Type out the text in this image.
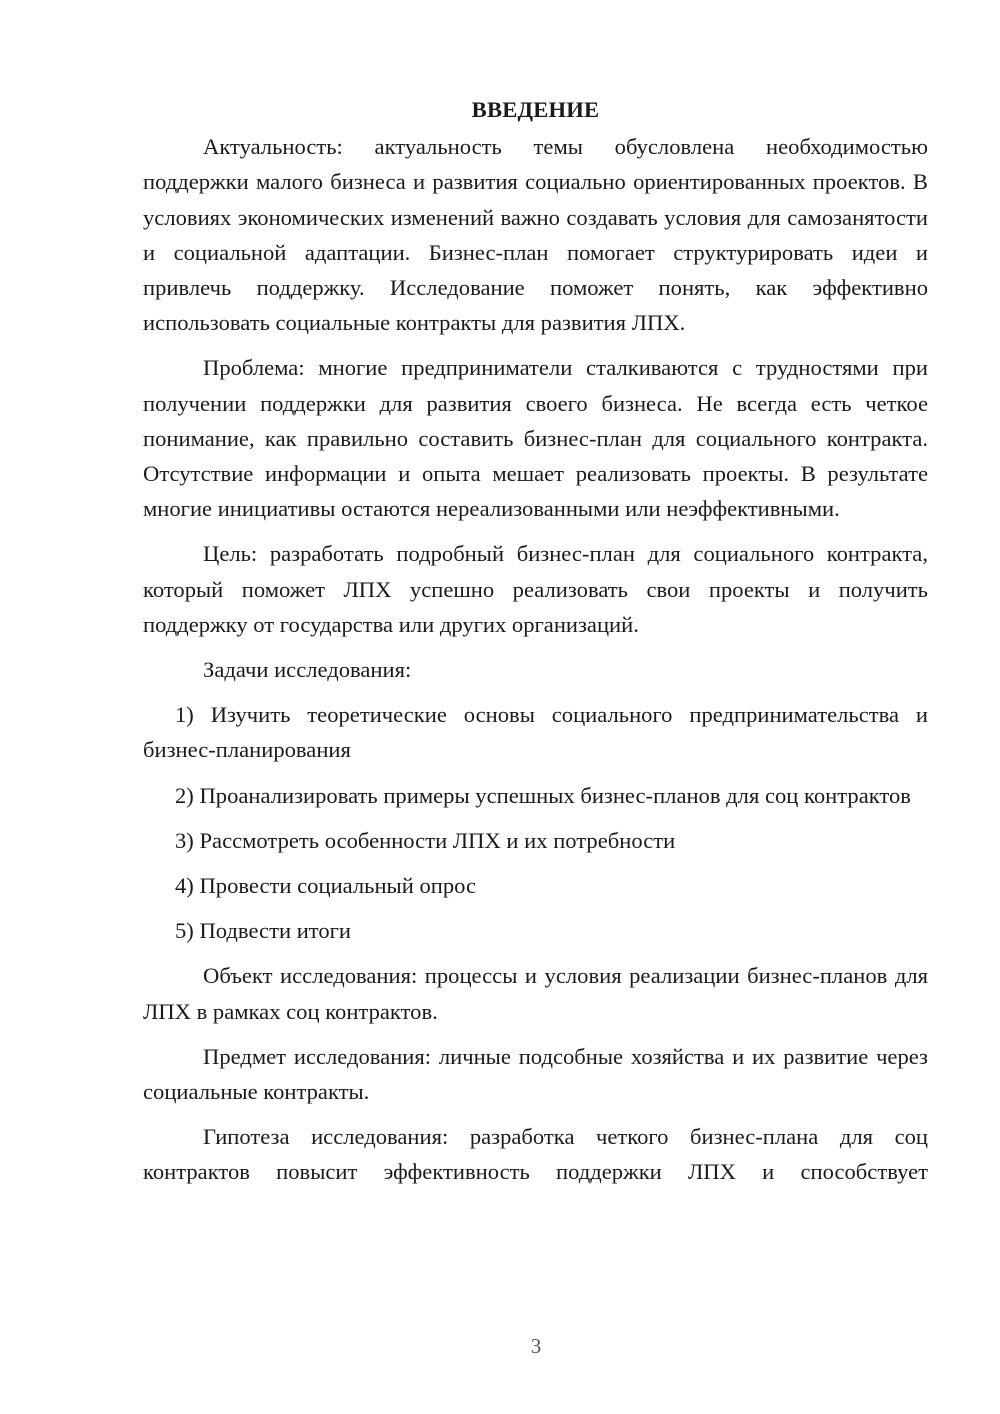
ВВЕДЕНИЕ

Актуальность: актуальность темы обусловлена необходимостью поддержки малого бизнеса и развития социально ориентированных проектов. В условиях экономических изменений важно создавать условия для самозанятости и социальной адаптации. Бизнес-план помогает структурировать идеи и привлечь поддержку. Исследование поможет понять, как эффективно использовать социальные контракты для развития ЛПХ.

Проблема: многие предприниматели сталкиваются с трудностями при получении поддержки для развития своего бизнеса. Не всегда есть четкое понимание, как правильно составить бизнес-план для социального контракта. Отсутствие информации и опыта мешает реализовать проекты. В результате многие инициативы остаются нереализованными или неэффективными.

Цель: разработать подробный бизнес-план для социального контракта, который поможет ЛПХ успешно реализовать свои проекты и получить поддержку от государства или других организаций.

Задачи исследования:

1) Изучить теоретические основы социального предпринимательства и бизнес-планирования

2) Проанализировать примеры успешных бизнес-планов для соц контрактов

3) Рассмотреть особенности ЛПХ и их потребности

4) Провести социальный опрос

5) Подвести итоги

Объект исследования: процессы и условия реализации бизнес-планов для ЛПХ в рамках соц контрактов.

Предмет исследования: личные подсобные хозяйства и их развитие через социальные контракты.

Гипотеза исследования: разработка четкого бизнес-плана для соц контрактов повысит эффективность поддержки ЛПХ и способствует

3
